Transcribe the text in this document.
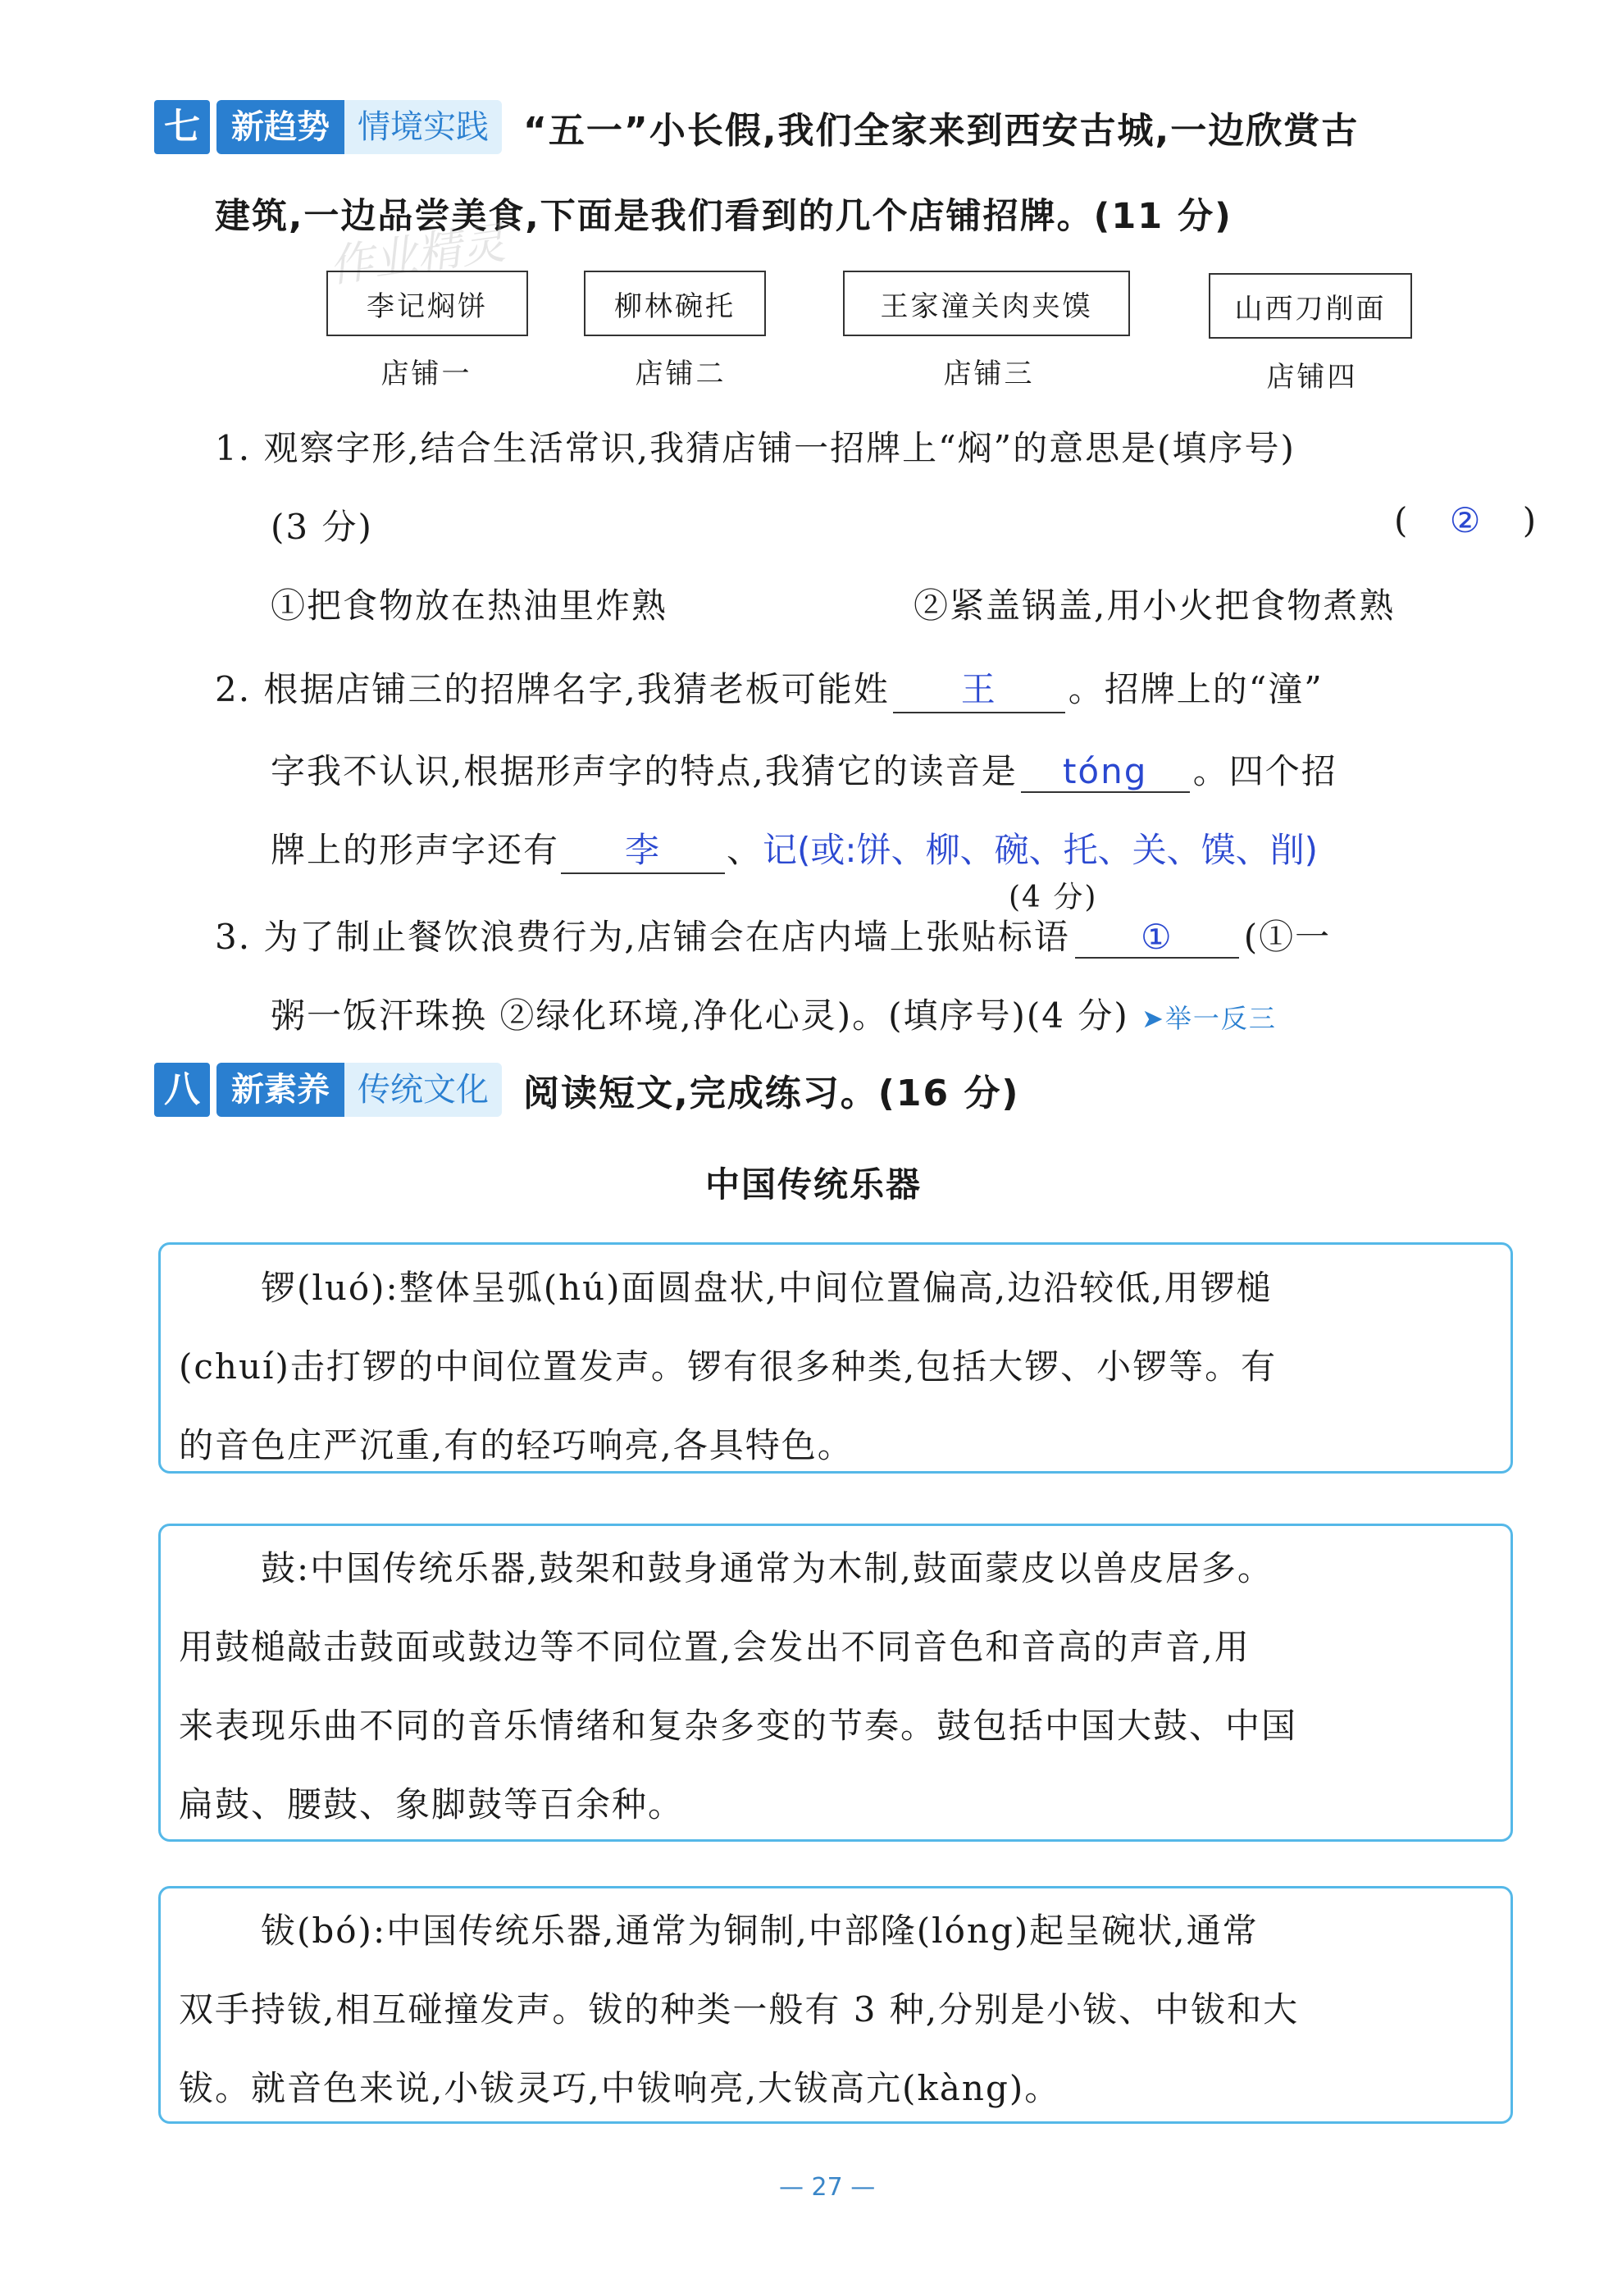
七 新趋势 情境实践 “五一”小长假,我们全家来到西安古城,一边欣赏古
建筑,一边品尝美食,下面是我们看到的几个店铺招牌。(11 分)
作业精灵
李记焖饼	柳林碗托	王家潼关肉夹馍	山西刀削面
店铺一	店铺二	店铺三	店铺四
1. 观察字形,结合生活常识,我猜店铺一招牌上“焖”的意思是(填序号)
(3 分)	( ② )
①把食物放在热油里炸熟	②紧盖锅盖,用小火把食物煮熟
2. 根据店铺三的招牌名字,我猜老板可能姓 王 。招牌上的“潼”
字我不认识,根据形声字的特点,我猜它的读音是 tóng 。四个招
牌上的形声字还有 李 、记(或:饼、柳、碗、托、关、馍、削)
(4 分)
3. 为了制止餐饮浪费行为,店铺会在店内墙上张贴标语 ① (①一
粥一饭汗珠换 ②绿化环境,净化心灵)。(填序号)(4 分) ➤举一反三
八 新素养 传统文化 阅读短文,完成练习。(16 分)
中国传统乐器
锣(luó):整体呈弧(hú)面圆盘状,中间位置偏高,边沿较低,用锣槌
(chuí)击打锣的中间位置发声。锣有很多种类,包括大锣、小锣等。有
的音色庄严沉重,有的轻巧响亮,各具特色。
鼓:中国传统乐器,鼓架和鼓身通常为木制,鼓面蒙皮以兽皮居多。
用鼓槌敲击鼓面或鼓边等不同位置,会发出不同音色和音高的声音,用
来表现乐曲不同的音乐情绪和复杂多变的节奏。鼓包括中国大鼓、中国
扁鼓、腰鼓、象脚鼓等百余种。
钹(bó):中国传统乐器,通常为铜制,中部隆(lóng)起呈碗状,通常
双手持钹,相互碰撞发声。钹的种类一般有 3 种,分别是小钹、中钹和大
钹。就音色来说,小钹灵巧,中钹响亮,大钹高亢(kàng)。
— 27 —
